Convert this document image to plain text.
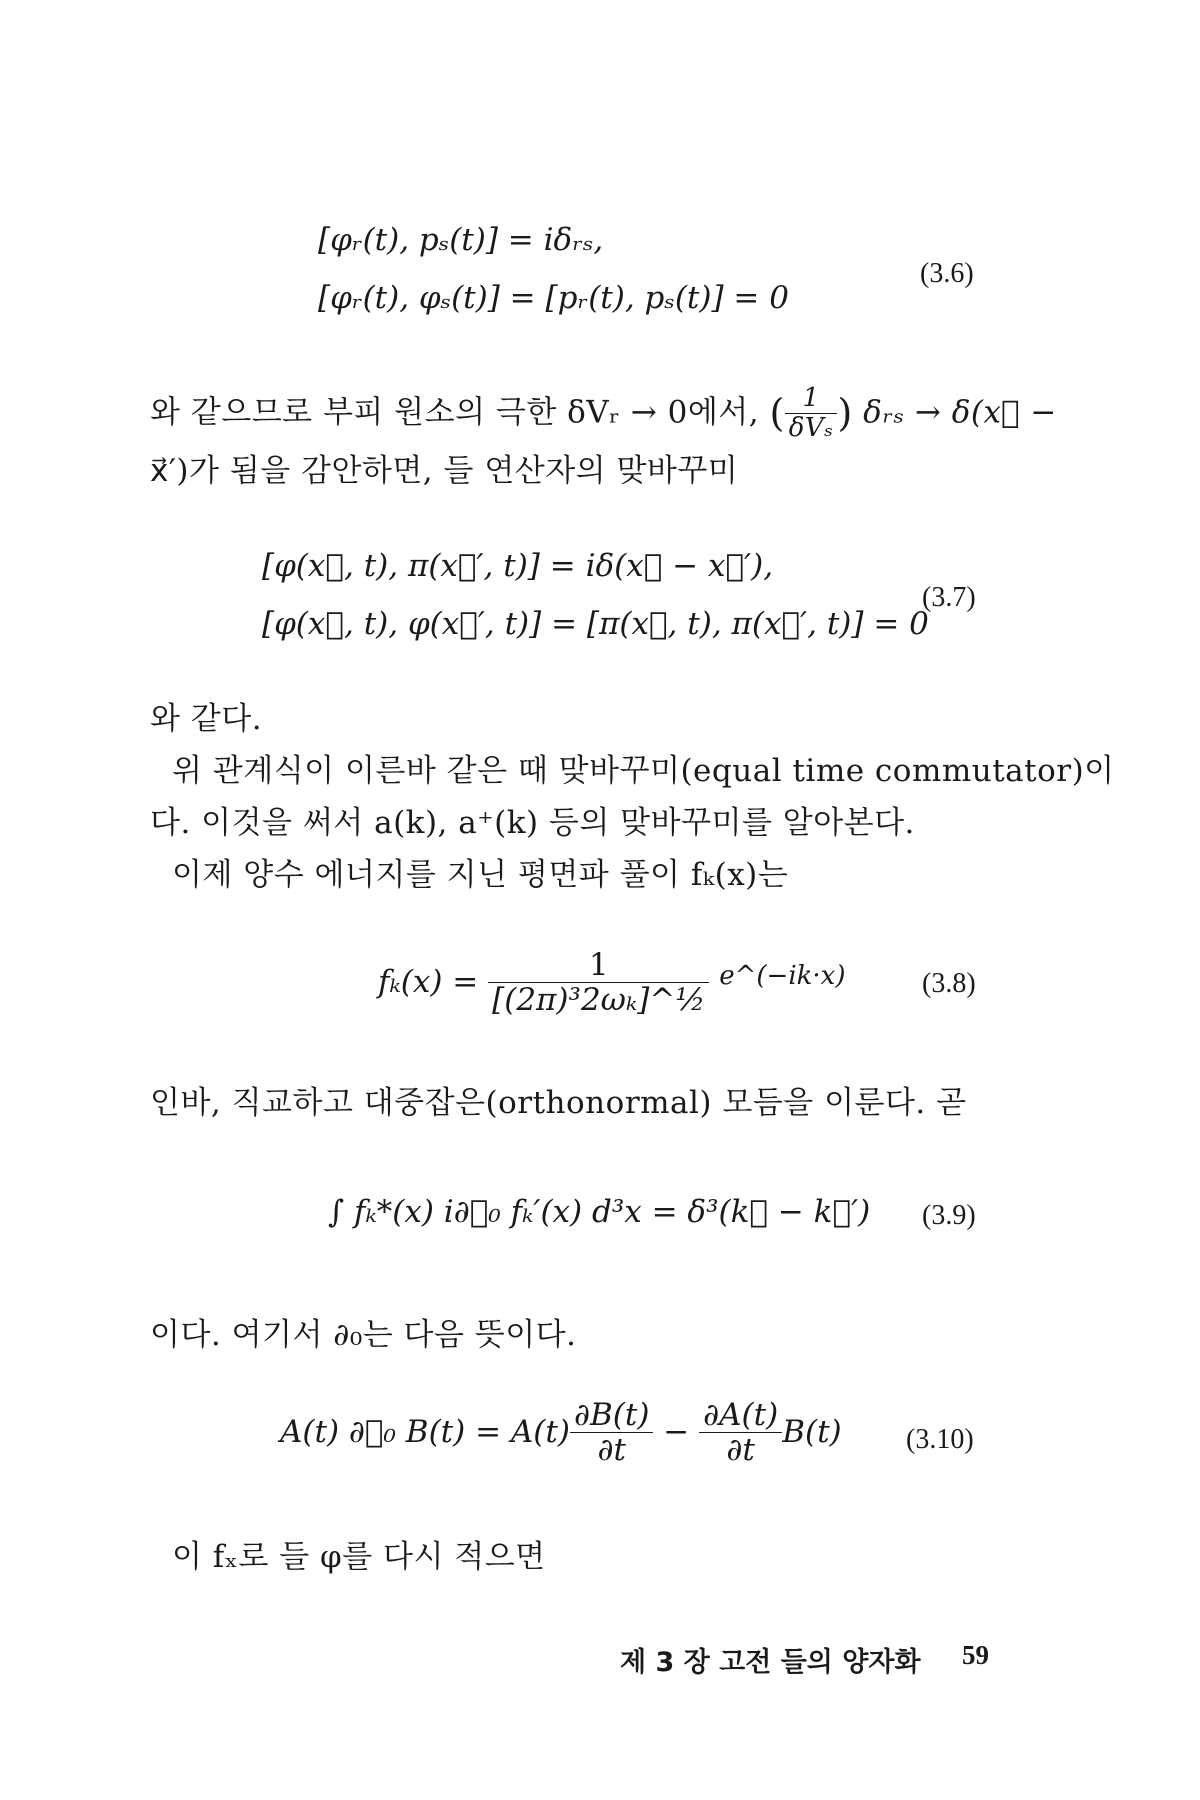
[φᵣ(t), pₛ(t)] = iδᵣₛ,
[φᵣ(t), φₛ(t)] = [pᵣ(t), pₛ(t)] = 0
(3.6)
와 같으므로 부피 원소의 극한 δVᵣ → 0에서, ( $\frac{1}{\text{δVₛ}}$ ) δᵣₛ → δ(x⃗ −
x⃗′)가 됨을 감안하면, 들 연산자의 맞바꾸미
[φ(x⃗, t), π(x⃗′, t)] = iδ(x⃗ − x⃗′),
[φ(x⃗, t), φ(x⃗′, t)] = [π(x⃗, t), π(x⃗′, t)] = 0
(3.7)
와 같다.
위 관계식이 이른바 같은 때 맞바꾸미(equal time commutator)이
다. 이것을 써서 a(k), a⁺(k) 등의 맞바꾸미를 알아본다.
이제 양수 에너지를 지닌 평면파 풀이 fₖ(x)는
$f_k(x) = \frac{1}{\text{[(2π)³2ωₖ]\textasciicircum{}½}} ^{e\^{}(-ik\cdot x)}$	(3.8)
인바, 직교하고 대중잡은(orthonormal) 모듬을 이룬다. 곧
∫ fₖ*(x) i∂⃡₀ fₖ′(x) d³x = δ³(k⃗ − k⃗′) (3.9)
이다. 여기서 ∂₀는 다음 뜻이다.
A(t) ∂⃡₀ $B(t) = A(t) \frac{\partial B(t)}{\partial t} - \frac{\partial A(t)}{\partial t} B(t)$ (3.10)
이 fₓ로 들 φ를 다시 적으면
제 3 장 고전 들의 양자화 59
